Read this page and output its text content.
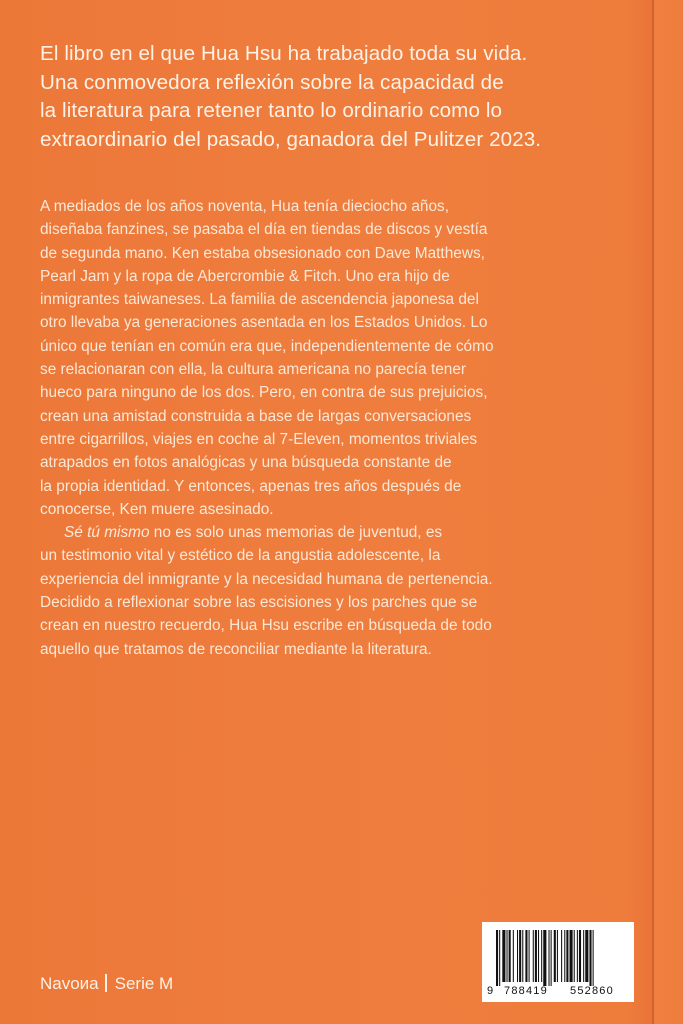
El libro en el que Hua Hsu ha trabajado toda su vida.
Una conmovedora reflexión sobre la capacidad de
la literatura para retener tanto lo ordinario como lo
extraordinario del pasado, ganadora del Pulitzer 2023.
A mediados de los años noventa, Hua tenía dieciocho años,
diseñaba fanzines, se pasaba el día en tiendas de discos y vestía
de segunda mano. Ken estaba obsesionado con Dave Matthews,
Pearl Jam y la ropa de Abercrombie & Fitch. Uno era hijo de
inmigrantes taiwaneses. La familia de ascendencia japonesa del
otro llevaba ya generaciones asentada en los Estados Unidos. Lo
único que tenían en común era que, independientemente de cómo
se relacionaran con ella, la cultura americana no parecía tener
hueco para ninguno de los dos. Pero, en contra de sus prejuicios,
crean una amistad construida a base de largas conversaciones
entre cigarrillos, viajes en coche al 7-Eleven, momentos triviales
atrapados en fotos analógicas y una búsqueda constante de
la propia identidad. Y entonces, apenas tres años después de
conocerse, Ken muere asesinado.
Sé tú mismo no es solo unas memorias de juventud, es
un testimonio vital y estético de la angustia adolescente, la
experiencia del inmigrante y la necesidad humana de pertenencia.
Decidido a reflexionar sobre las escisiones y los parches que se
crean en nuestro recuerdo, Hua Hsu escribe en búsqueda de todo
aquello que tratamos de reconciliar mediante la literatura.
Navoиa Serie M	9 788419 552860
